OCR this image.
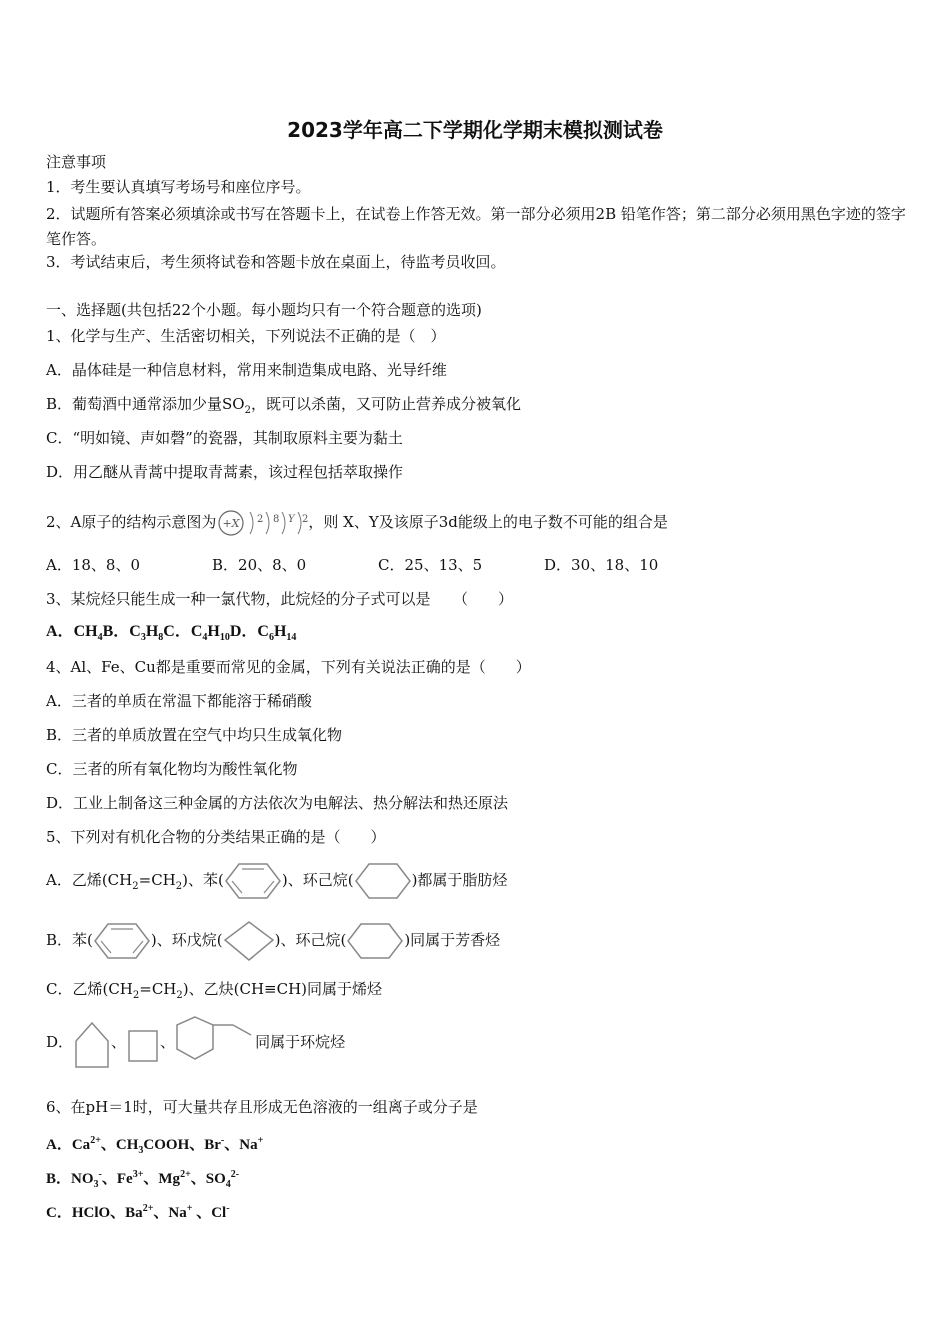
2023学年高二下学期化学期末模拟测试卷
注意事项
1．考生要认真填写考场号和座位序号。
2．试题所有答案必须填涂或书写在答题卡上，在试卷上作答无效。第一部分必须用2B 铅笔作答；第二部分必须用黑色字迹的签字笔作答。
3．考试结束后，考生须将试卷和答题卡放在桌面上，待监考员收回。
一、选择题(共包括22个小题。每小题均只有一个符合题意的选项)
1、化学与生产、生活密切相关，下列说法不正确的是（　）
A．晶体硅是一种信息材料，常用来制造集成电路、光导纤维
B．葡萄酒中通常添加少量$SO_2$，既可以杀菌，又可防止营养成分被氧化
C．“明如镜、声如磬”的瓷器，其制取原料主要为黏土
D．用乙醚从青蒿中提取青蒿素，该过程包括萃取操作
2、A原子的结构示意图为 +X 2 8 Y 2 ，则 X、Y及该原子3d能级上的电子数不可能的组合是
A．18、8、0	B．20、8、0	C．25、13、5	D．30、18、10
3、某烷烃只能生成一种一氯代物，此烷烃的分子式可以是　　（　　）
A．$CH_4B$．$C_3H_8C$．$C_4H_{10}D$．$C_6H_{14}$
4、Al、Fe、Cu都是重要而常见的金属，下列有关说法正确的是（　　）
A．三者的单质在常温下都能溶于稀硝酸
B．三者的单质放置在空气中均只生成氧化物
C．三者的所有氧化物均为酸性氧化物
D．工业上制备这三种金属的方法依次为电解法、热分解法和热还原法
5、下列对有机化合物的分类结果正确的是（　　）
A．乙烯$(CH_2=CH_2)$、苯(	)、环己烷(	)都属于脂肪烃
B．苯(	)、环戊烷(	)、环己烷(	)同属于芳香烃
C．乙烯$(CH_2=CH_2)$、乙炔(CH≡CH)同属于烯烃
D．	、 、	同属于环烷烃
6、在pH＝1时，可大量共存且形成无色溶液的一组离子或分子是
A．$Ca^{2+}$、$CH_3COOH$、Br-、Na+
B．$NO_3^-$、$Fe^{3+}$、$Mg^{2+}$、$SO_4^{2-}$
C．HClO、$Ba^{2+}$、Na+ 、Cl-
